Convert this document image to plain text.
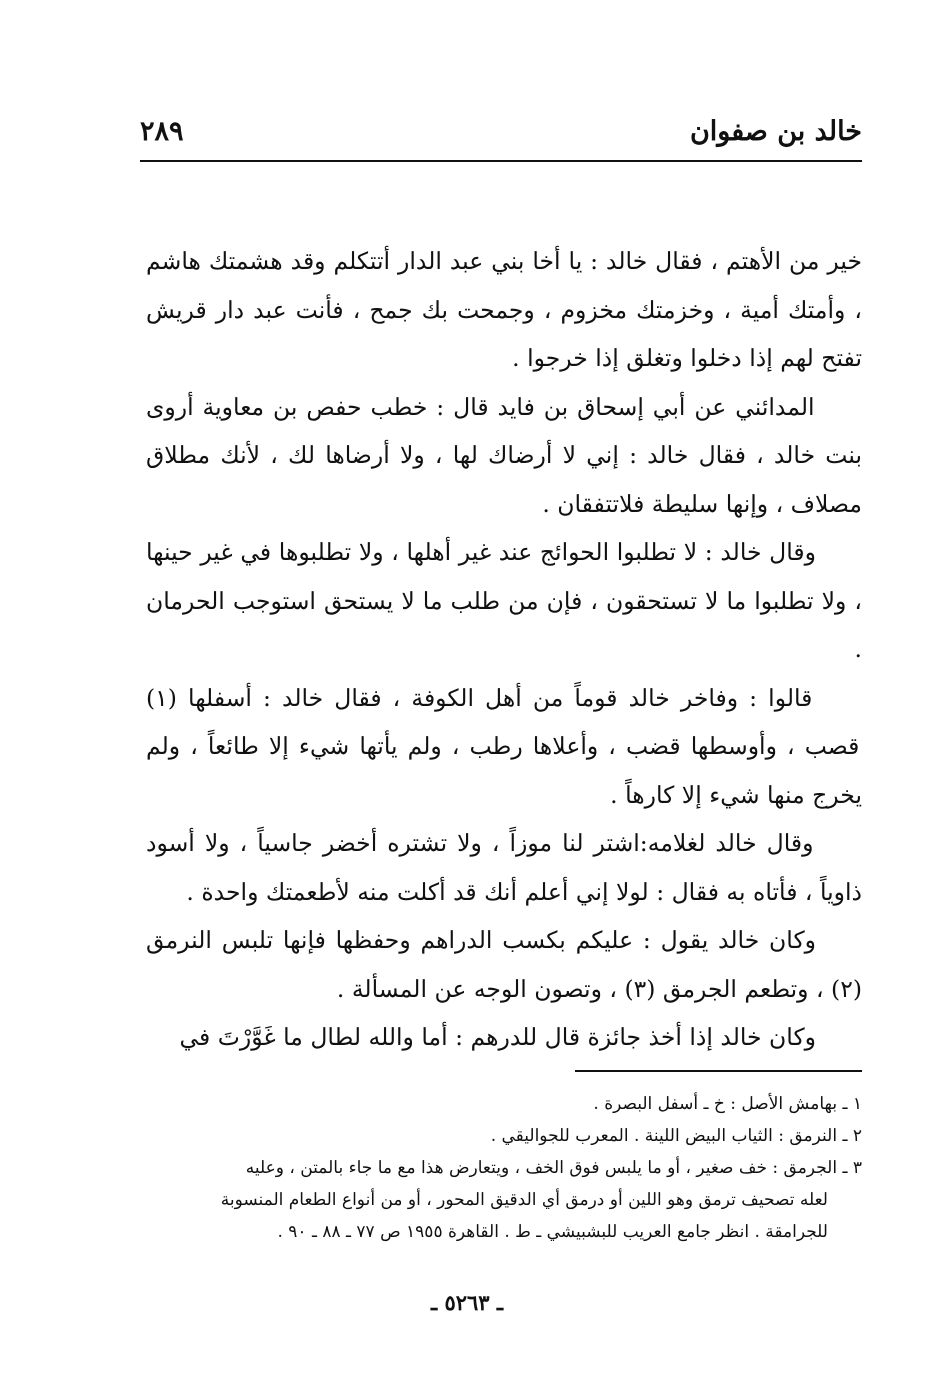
خالد بن صفوان
٢٨٩

خير من الأهتم ، فقال خالد : يا أخا بني عبد الدار أتتكلم وقد هشمتك هاشم ، وأمتك أمية ، وخزمتك مخزوم ، وجمحت بك جمح ، فأنت عبد دار قريش تفتح لهم إذا دخلوا وتغلق إذا خرجوا .

المدائني عن أبي إسحاق بن فايد قال : خطب حفص بن معاوية أروى بنت خالد ، فقال خالد : إني لا أرضاك لها ، ولا أرضاها لك ، لأنك مطلاق مصلاف ، وإنها سليطة فلاتتفقان .

وقال خالد : لا تطلبوا الحوائج عند غير أهلها ، ولا تطلبوها في غير حينها ، ولا تطلبوا ما لا تستحقون ، فإن من طلب ما لا يستحق استوجب الحرمان .

قالوا : وفاخر خالد قوماً من أهل الكوفة ، فقال خالد : أسفلها (١) قصب ، وأوسطها قضب ، وأعلاها رطب ، ولم يأتها شيء إلا طائعاً ، ولم يخرج منها شيء إلا كارهاً .

وقال خالد لغلامه:اشتر لنا موزاً ، ولا تشتره أخضر جاسياً ، ولا أسود ذاوياً ، فأتاه به فقال : لولا إني أعلم أنك قد أكلت منه لأطعمتك واحدة .

وكان خالد يقول : عليكم بكسب الدراهم وحفظها فإنها تلبس النرمق (٢) ، وتطعم الجرمق (٣) ، وتصون الوجه عن المسألة .

وكان خالد إذا أخذ جائزة قال للدرهم : أما والله لطال ما غَوَّرْتَ في

١ ـ بهامش الأصل : خ ـ أسفل البصرة .

٢ ـ النرمق : الثياب البيض اللينة . المعرب للجواليقي .

٣ ـ الجرمق : خف صغير ، أو ما يلبس فوق الخف ، ويتعارض هذا مع ما جاء بالمتن ، وعليه

لعله تصحيف ترمق وهو اللين أو درمق أي الدقيق المحور ، أو من أنواع الطعام المنسوبة

للجرامقة . انظر جامع العريب للبشبيشي ـ ط . القاهرة ١٩٥٥ ص ٧٧ ـ ٨٨ ـ ٩٠ .

ـ ٥٢٦٣ ـ
